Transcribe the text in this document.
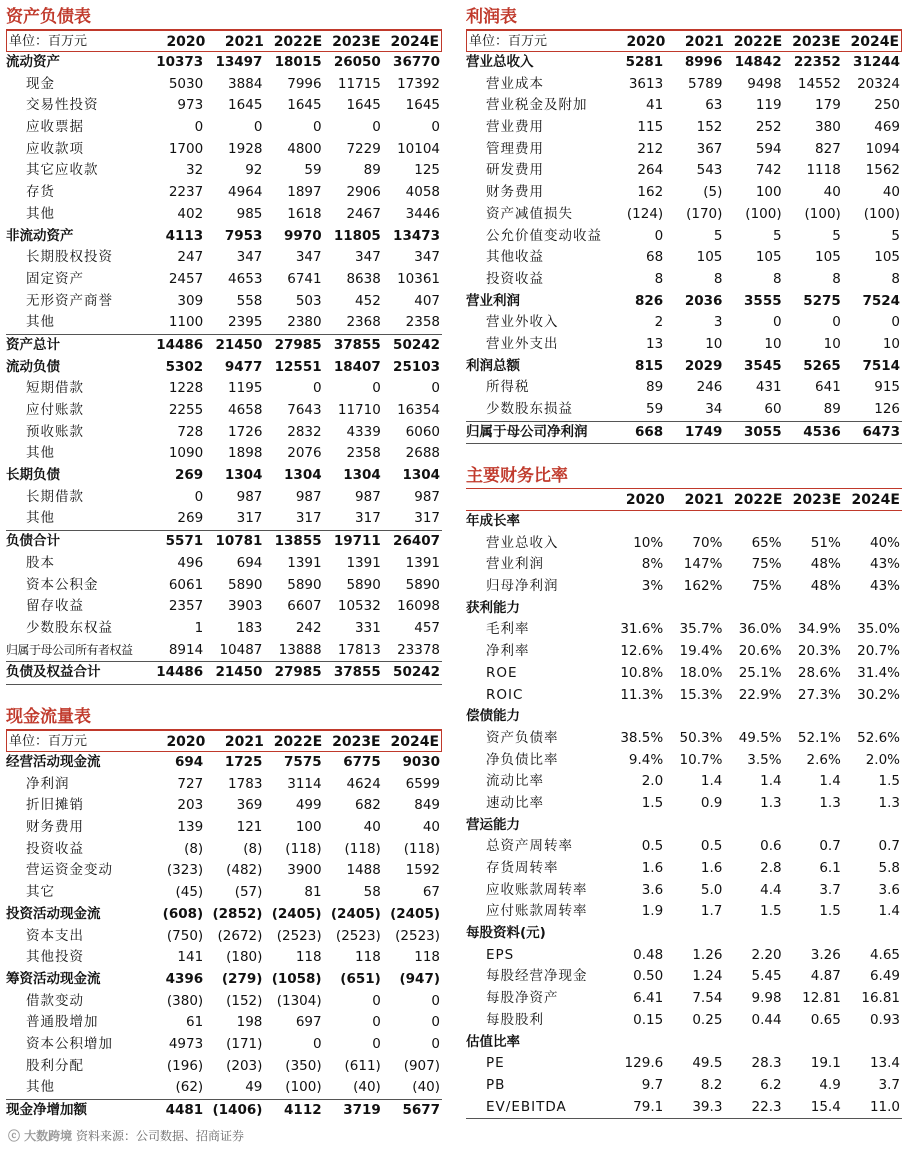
资产负债表
单位：百万元	2020	2021 2022E 2023E 2024E
流动资产	10373 13497 18015 26050 36770
现金	5030	3884	7996	11715	17392
交易性投资	973	1645	1645	1645	1645
应收票据	0	0	0	0	0
应收款项	1700	1928	4800	7229	10104
其它应收款	32	92	59	89	125
存货	2237	4964	1897	2906	4058
其他	402	985	1618	2467	3446
非流动资产	4113	7953	9970 11805 13473
长期股权投资	247	347	347	347	347
固定资产	2457	4653	6741	8638	10361
无形资产商誉	309	558	503	452	407
其他	1100	2395	2380	2368	2358
资产总计	14486 21450 27985 37855 50242
流动负债	5302	9477 12551 18407 25103
短期借款	1228	1195	0	0	0
应付账款	2255	4658	7643	11710	16354
预收账款	728	1726	2832	4339	6060
其他	1090	1898	2076	2358	2688
长期负债	269	1304	1304	1304	1304
长期借款	0	987	987	987	987
其他	269	317	317	317	317
负债合计	5571 10781 13855 19711 26407
股本	496	694	1391	1391	1391
资本公积金	6061	5890	5890	5890	5890
留存收益	2357	3903	6607	10532	16098
少数股东权益	1	183	242	331	457
归属于母公司所有者权益	8914	10487	13888	17813	23378
负债及权益合计	14486 21450 27985 37855 50242
现金流量表
单位：百万元	2020	2021 2022E 2023E 2024E
经营活动现金流	694	1725	7575	6775	9030
净利润	727	1783	3114	4624	6599
折旧摊销	203	369	499	682	849
财务费用	139	121	100	40	40
投资收益	(8)	(8)	(118)	(118)	(118)
营运资金变动	(323)	(482)	3900	1488	1592
其它	(45)	(57)	81	58	67
投资活动现金流	(608) (2852) (2405) (2405) (2405)
资本支出	(750)	(2672)	(2523)	(2523)	(2523)
其他投资	141	(180)	118	118	118
筹资活动现金流	4396	(279) (1058)	(651)	(947)
借款变动	(380)	(152)	(1304)	0	0
普通股增加	61	198	697	0	0
资本公积增加	4973	(171)	0	0	0
股利分配	(196)	(203)	(350)	(611)	(907)
其他	(62)	49	(100)	(40)	(40)
现金净增加额	4481 (1406)	4112	3719	5677
利润表
单位：百万元	2020	2021 2022E 2023E 2024E
营业总收入	5281	8996 14842 22352 31244
营业成本	3613	5789	9498	14552	20324
营业税金及附加	41	63	119	179	250
营业费用	115	152	252	380	469
管理费用	212	367	594	827	1094
研发费用	264	543	742	1118	1562
财务费用	162	(5)	100	40	40
资产减值损失	(124)	(170)	(100)	(100)	(100)
公允价值变动收益	0	5	5	5	5
其他收益	68	105	105	105	105
投资收益	8	8	8	8	8
营业利润	826	2036	3555	5275	7524
营业外收入	2	3	0	0	0
营业外支出	13	10	10	10	10
利润总额	815	2029	3545	5265	7514
所得税	89	246	431	641	915
少数股东损益	59	34	60	89	126
归属于母公司净利润	668	1749	3055	4536	6473
主要财务比率
2020	2021 2022E 2023E 2024E
年成长率
营业总收入	10%	70%	65%	51%	40%
营业利润	8%	147%	75%	48%	43%
归母净利润	3%	162%	75%	48%	43%
获利能力
毛利率	31.6%	35.7%	36.0%	34.9%	35.0%
净利率	12.6%	19.4%	20.6%	20.3%	20.7%
ROE	10.8%	18.0%	25.1%	28.6%	31.4%
ROIC	11.3%	15.3%	22.9%	27.3%	30.2%
偿债能力
资产负债率	38.5%	50.3%	49.5%	52.1%	52.6%
净负债比率	9.4%	10.7%	3.5%	2.6%	2.0%
流动比率	2.0	1.4	1.4	1.4	1.5
速动比率	1.5	0.9	1.3	1.3	1.3
营运能力
总资产周转率	0.5	0.5	0.6	0.7	0.7
存货周转率	1.6	1.6	2.8	6.1	5.8
应收账款周转率	3.6	5.0	4.4	3.7	3.6
应付账款周转率	1.9	1.7	1.5	1.5	1.4
每股资料(元)
EPS	0.48	1.26	2.20	3.26	4.65
每股经营净现金	0.50	1.24	5.45	4.87	6.49
每股净资产	6.41	7.54	9.98	12.81	16.81
每股股利	0.15	0.25	0.44	0.65	0.93
估值比率
PE	129.6	49.5	28.3	19.1	13.4
PB	9.7	8.2	6.2	4.9	3.7
EV/EBITDA	79.1	39.3	22.3	15.4	11.0
ⓒ 大数跨境 资料来源：公司数据、招商证券
